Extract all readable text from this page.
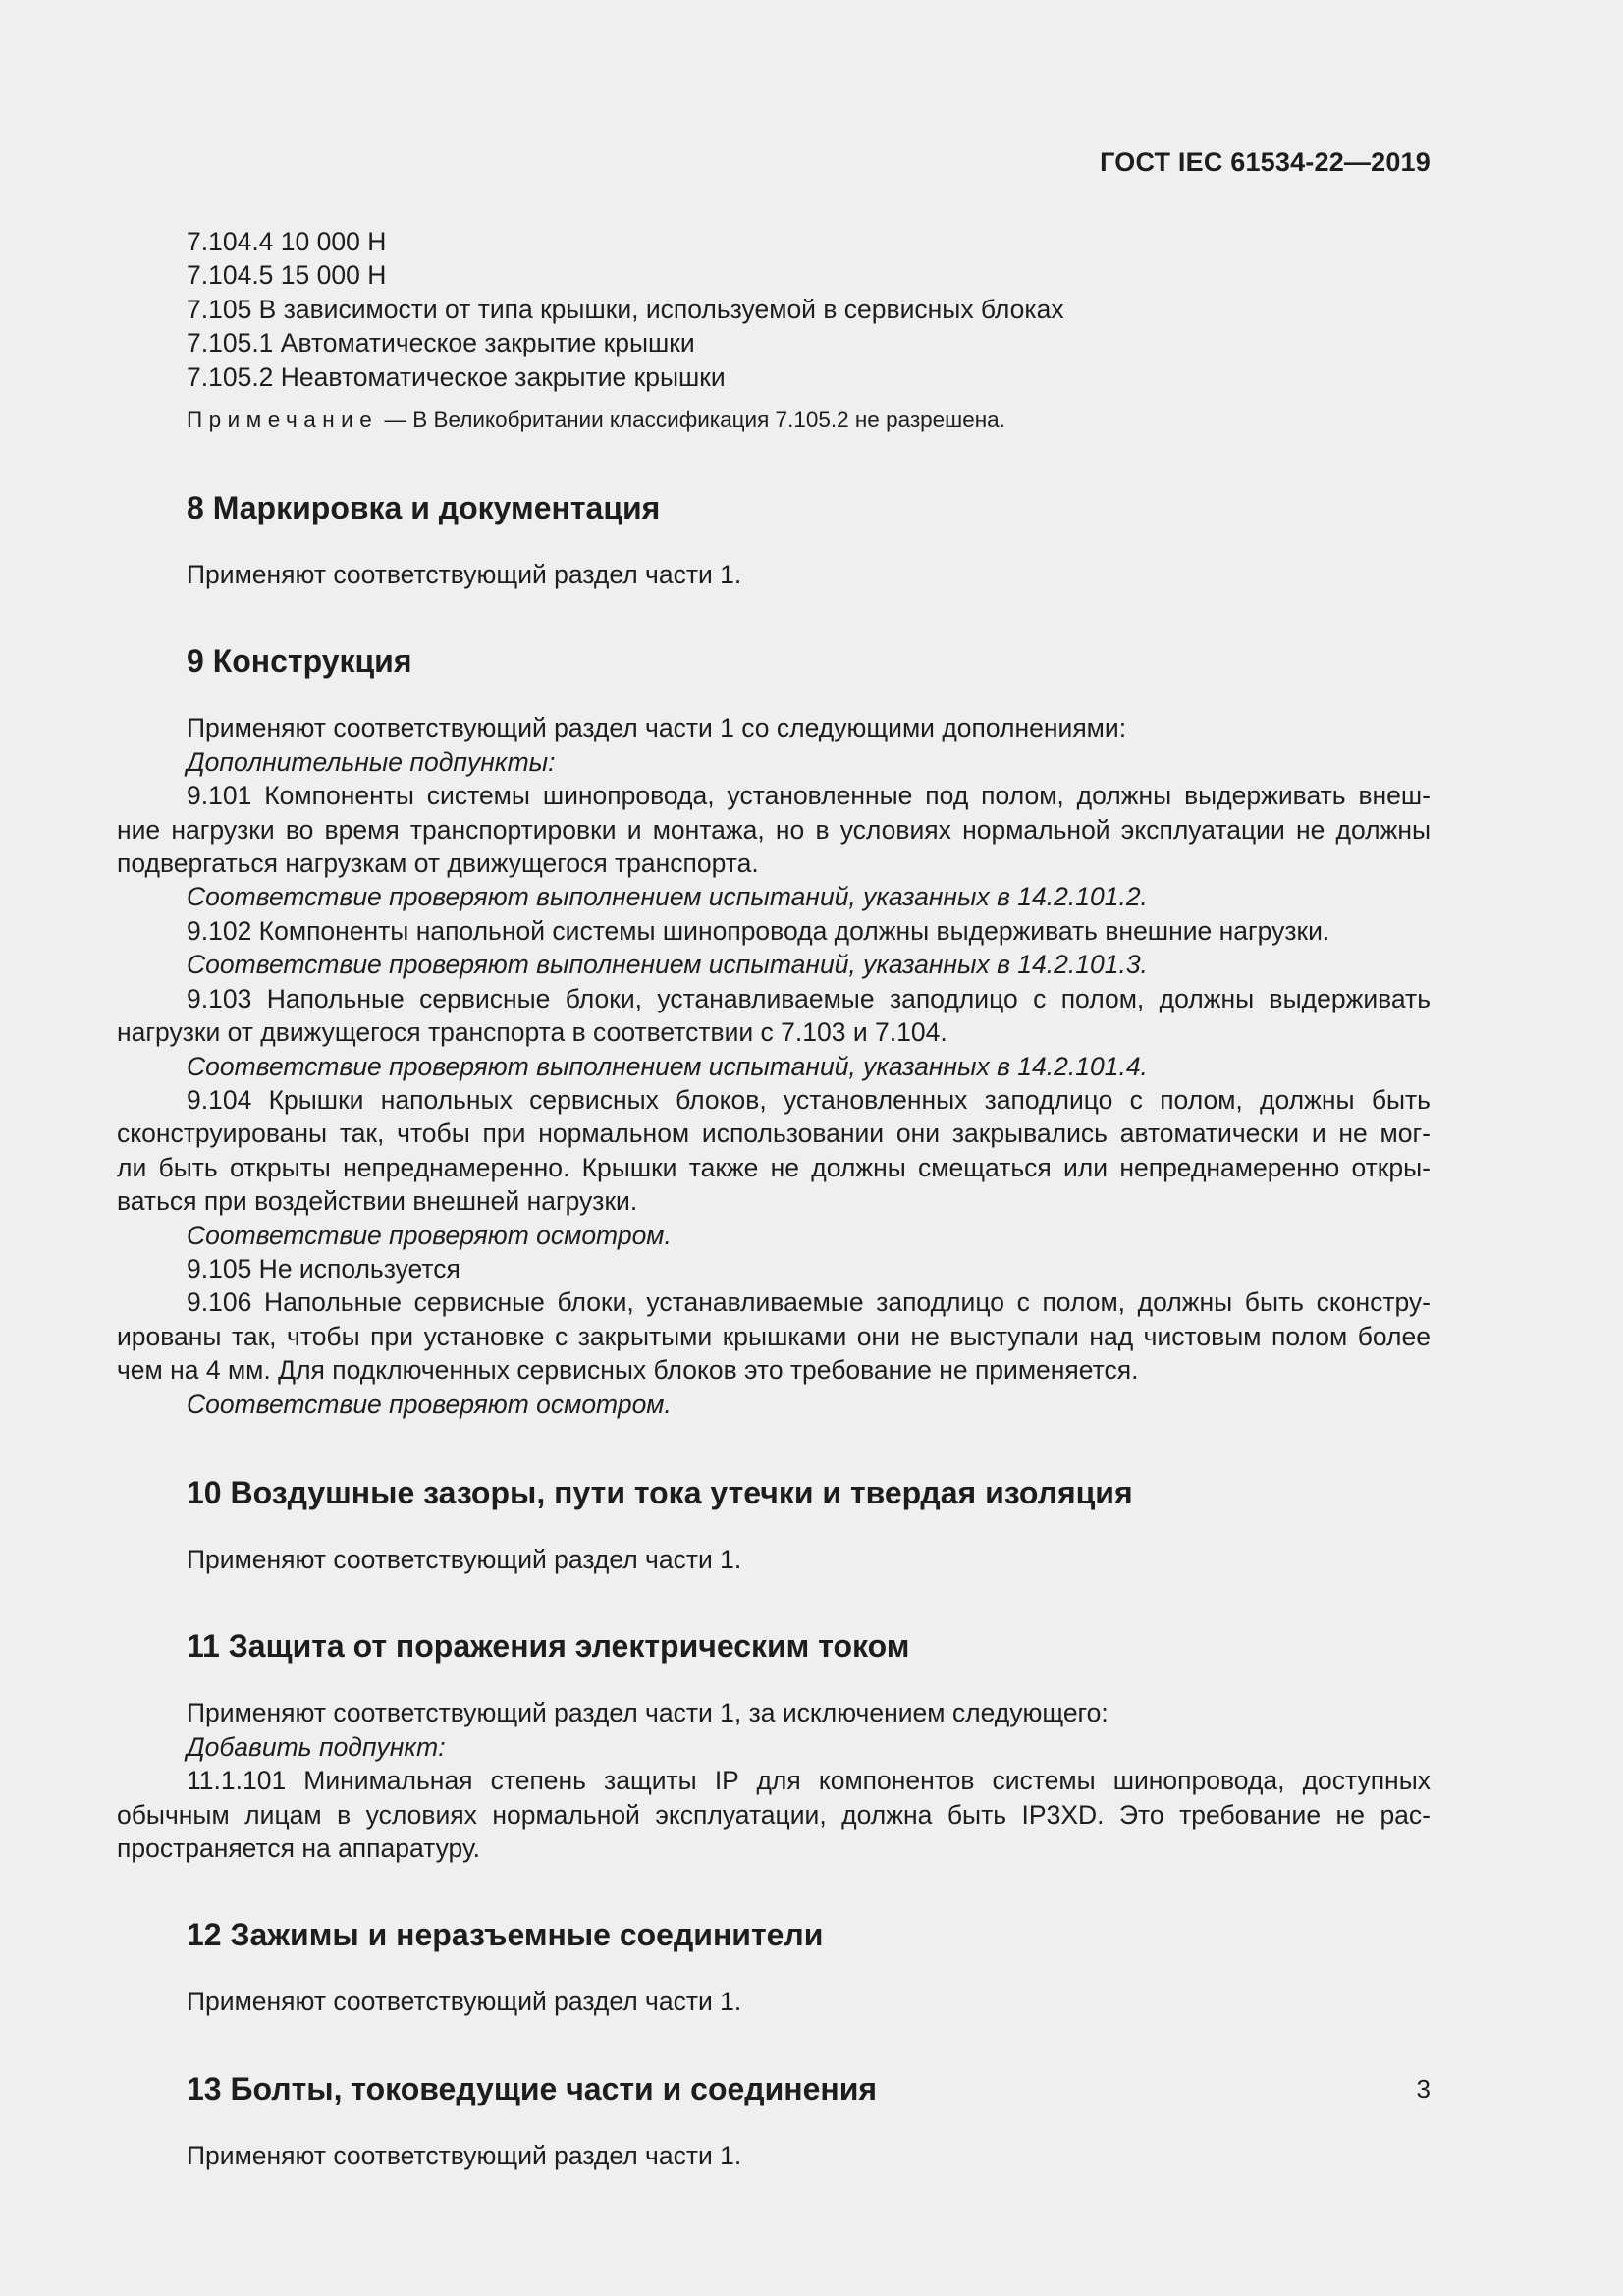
ГОСТ IEC 61534-22—2019

7.104.4 10 000 Н

7.104.5 15 000 Н

7.105 В зависимости от типа крышки, используемой в сервисных блоках

7.105.1 Автоматическое закрытие крышки

7.105.2 Неавтоматическое закрытие крышки

Примечание — В Великобритании классификация 7.105.2 не разрешена.

8 Маркировка и документация

Применяют соответствующий раздел части 1.

9 Конструкция

Применяют соответствующий раздел части 1 со следующими дополнениями:

Дополнительные подпункты:

9.101 Компоненты системы шинопровода, установленные под полом, должны выдерживать внеш-

ние нагрузки во время транспортировки и монтажа, но в условиях нормальной эксплуатации не должны

подвергаться нагрузкам от движущегося транспорта.

Соответствие проверяют выполнением испытаний, указанных в 14.2.101.2.

9.102 Компоненты напольной системы шинопровода должны выдерживать внешние нагрузки.

Соответствие проверяют выполнением испытаний, указанных в 14.2.101.3.

9.103 Напольные сервисные блоки, устанавливаемые заподлицо с полом, должны выдерживать

нагрузки от движущегося транспорта в соответствии с 7.103 и 7.104.

Соответствие проверяют выполнением испытаний, указанных в 14.2.101.4.

9.104 Крышки напольных сервисных блоков, установленных заподлицо с полом, должны быть

сконструированы так, чтобы при нормальном использовании они закрывались автоматически и не мог-

ли быть открыты непреднамеренно. Крышки также не должны смещаться или непреднамеренно откры-

ваться при воздействии внешней нагрузки.

Соответствие проверяют осмотром.

9.105 Не используется

9.106 Напольные сервисные блоки, устанавливаемые заподлицо с полом, должны быть сконстру-

ированы так, чтобы при установке с закрытыми крышками они не выступали над чистовым полом более

чем на 4 мм. Для подключенных сервисных блоков это требование не применяется.

Соответствие проверяют осмотром.

10 Воздушные зазоры, пути тока утечки и твердая изоляция

Применяют соответствующий раздел части 1.

11 Защита от поражения электрическим током

Применяют соответствующий раздел части 1, за исключением следующего:

Добавить подпункт:

11.1.101 Минимальная степень защиты IP для компонентов системы шинопровода, доступных

обычным лицам в условиях нормальной эксплуатации, должна быть IP3XD. Это требование не рас-

пространяется на аппаратуру.

12 Зажимы и неразъемные соединители

Применяют соответствующий раздел части 1.

13 Болты, токоведущие части и соединения

Применяют соответствующий раздел части 1.

3
